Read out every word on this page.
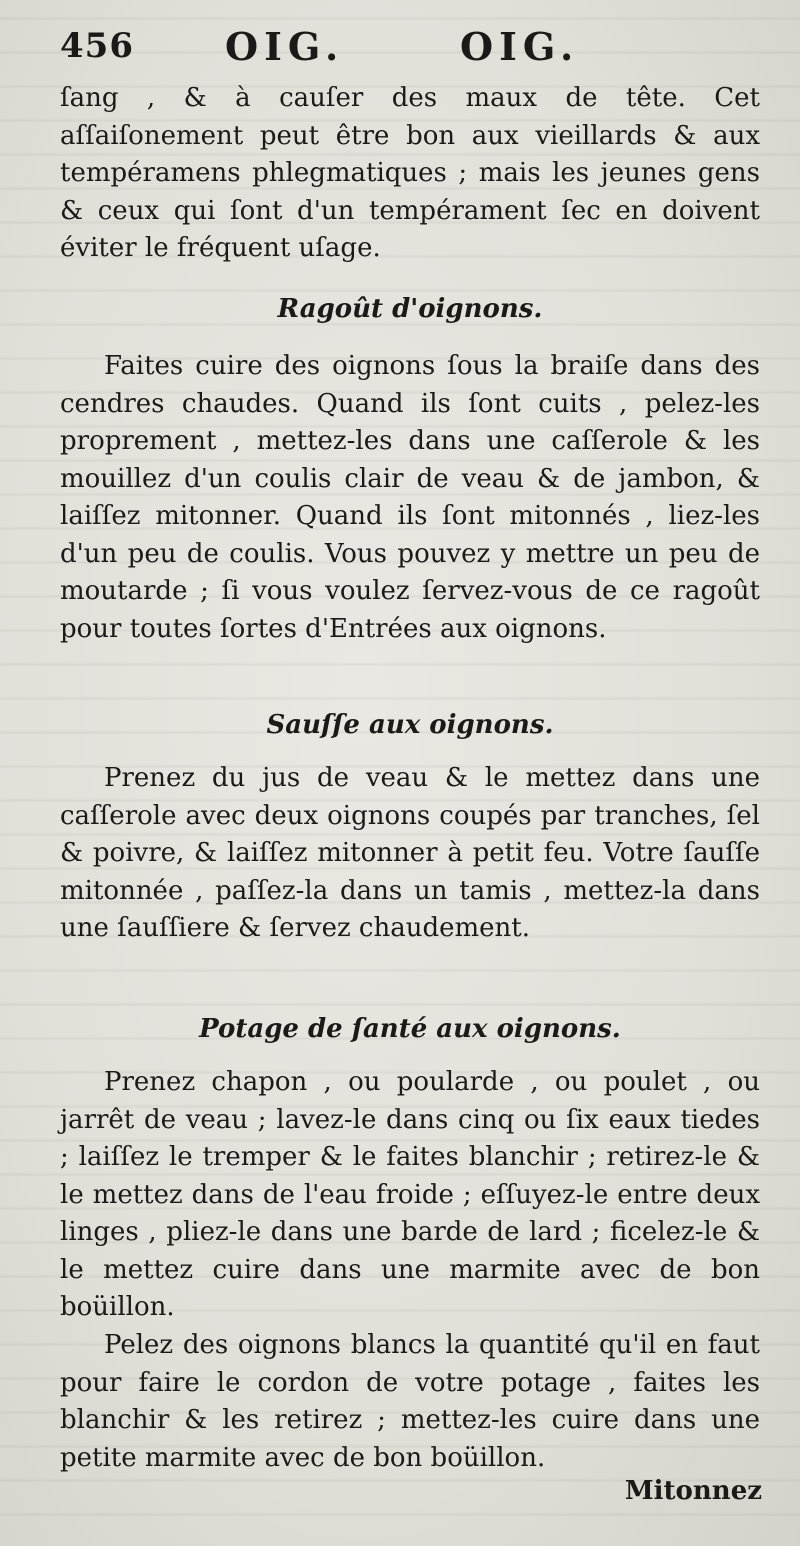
456 OIG.	OIG.

ſang , & à cauſer des maux de tête. Cet aſſaiſonement peut être bon aux vieillards & aux tempéramens phlegmatiques ; mais les jeunes gens & ceux qui ſont d'un tempérament ſec en doivent éviter le fréquent uſage.

Ragoût d'oignons.

Faites cuire des oignons ſous la braiſe dans des cendres chaudes. Quand ils ſont cuits , pelez-les proprement , mettez-les dans une caſſerole & les mouillez d'un coulis clair de veau & de jambon, & laiſſez mitonner. Quand ils ſont mitonnés , liez-les d'un peu de coulis. Vous pouvez y mettre un peu de moutarde ; ſi vous voulez ſervez-vous de ce ragoût pour toutes ſortes d'Entrées aux oignons.

Sauſſe aux oignons.

Prenez du jus de veau & le mettez dans une caſſerole avec deux oignons coupés par tranches, ſel & poivre, & laiſſez mitonner à petit feu. Votre ſauſſe mitonnée , paſſez-la dans un tamis , mettez-la dans une ſauſſiere & ſervez chaudement.

Potage de ſanté aux oignons.

Prenez chapon , ou poularde , ou poulet , ou jarrêt de veau ; lavez-le dans cinq ou ſix eaux tiedes ; laiſſez le tremper & le faites blanchir ; retirez-le & le mettez dans de l'eau froide ; eſſuyez-le entre deux linges , pliez-le dans une barde de lard ; ficelez-le & le mettez cuire dans une marmite avec de bon boüillon.

Pelez des oignons blancs la quantité qu'il en faut pour faire le cordon de votre potage , faites les blanchir & les retirez ; mettez-les cuire dans une petite marmite avec de bon boüillon.

Mitonnez
